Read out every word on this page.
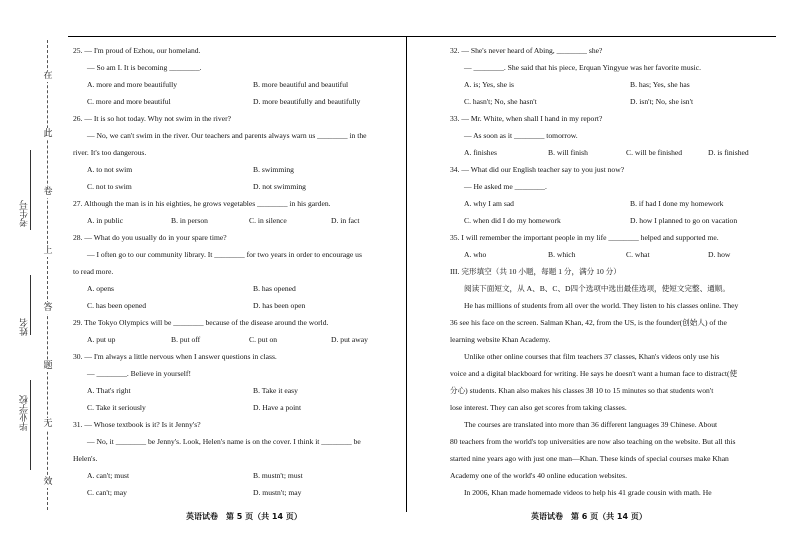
在
此
卷
上
答
题
无
效
考生号
姓名
毕业学校
25. — I'm proud of Ezhou, our homeland.
— So am I. It is becoming ________.
A. more and more beautifully	B. more beautiful and beautiful
C. more and more beautiful	D. more beautifully and beautifully
26. — It is so hot today. Why not swim in the river?
— No, we can't swim in the river. Our teachers and parents always warn us ________ in the
river. It's too dangerous.
A. to not swim	B. swimming
C. not to swim	D. not swimming
27. Although the man is in his eighties, he grows vegetables ________ in his garden.
A. in public	B. in person	C. in silence	D. in fact
28. — What do you usually do in your spare time?
— I often go to our community library. It ________ for two years in order to encourage us
to read more.
A. opens	B. has opened
C. has been opened	D. has been open
29. The Tokyo Olympics will be ________ because of the disease around the world.
A. put up	B. put off	C. put on	D. put away
30. — I'm always a little nervous when I answer questions in class.
— ________. Believe in yourself!
A. That's right	B. Take it easy
C. Take it seriously	D. Have a point
31. — Whose textbook is it? Is it Jenny's?
— No, it ________ be Jenny's. Look, Helen's name is on the cover. I think it ________ be
Helen's.
A. can't; must	B. mustn't; must
C. can't; may	D. mustn't; may
32. — She's never heard of Abing, ________ she?
— ________. She said that his piece, Erquan Yingyue was her favorite music.
A. is; Yes, she is	B. has; Yes, she has
C. hasn't; No, she hasn't	D. isn't; No, she isn't
33. — Mr. White, when shall I hand in my report?
— As soon as it ________ tomorrow.
A. finishes	B. will finish	C. will be finished	D. is finished
34. — What did our English teacher say to you just now?
— He asked me ________.
A. why I am sad	B. if had I done my homework
C. when did I do my homework	D. how I planned to go on vacation
35. I will remember the important people in my life ________ helped and supported me.
A. who	B. which	C. what	D. how
III. 完形填空（共 10 小题，每题 1 分，满分 10 分）
阅读下面短文，从 A、B、C、D四个选项中选出最佳选项，使短文完整、通顺。
He has millions of students from all over the world. They listen to his classes online. They
36 see his face on the screen. Salman Khan, 42, from the US, is the founder(创始人) of the
learning website Khan Academy.
Unlike other online courses that film teachers 37 classes, Khan's videos only use his
voice and a digital blackboard for writing. He says he doesn't want a human face to distract(使
分心) students. Khan also makes his classes 38 10 to 15 minutes so that students won't
lose interest. They can also get scores from taking classes.
The courses are translated into more than 36 different languages 39 Chinese. About
80 teachers from the world's top universities are now also teaching on the website. But all this
started nine years ago with just one man—Khan. These kinds of special courses make Khan
Academy one of the world's 40 online education websites.
In 2006, Khan made homemade videos to help his 41 grade cousin with math. He
英语试卷　第 5 页（共 14 页）	英语试卷　第 6 页（共 14 页）
